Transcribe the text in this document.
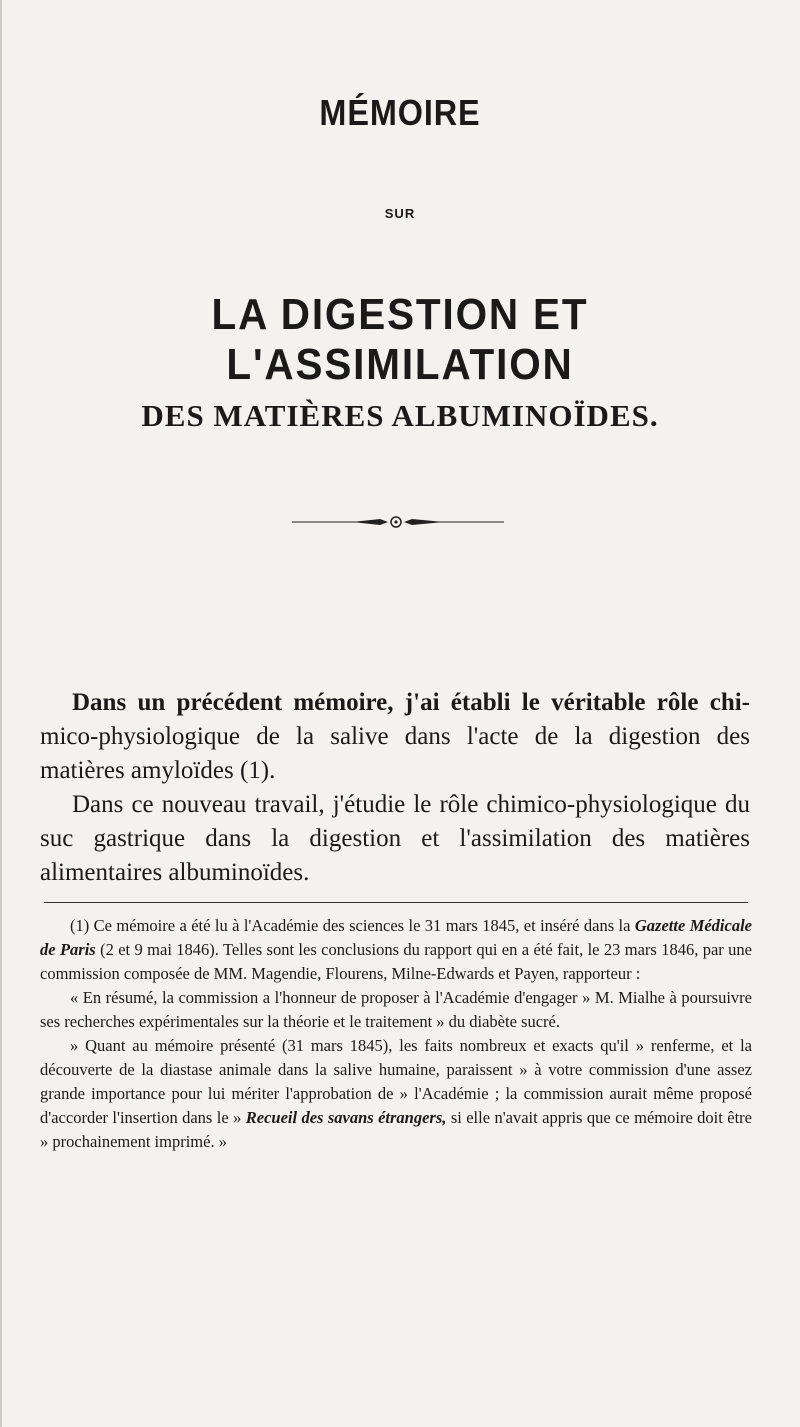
MÉMOIRE
SUR
LA DIGESTION ET L'ASSIMILATION
DES MATIÈRES ALBUMINOÏDES.

Dans un précédent mémoire, j'ai établi le véritable rôle chi- mico-physiologique de la salive dans l'acte de la digestion des matières amyloïdes (1).

Dans ce nouveau travail, j'étudie le rôle chimico-physiologique du suc gastrique dans la digestion et l'assimilation des matières alimentaires albuminoïdes.

(1) Ce mémoire a été lu à l'Académie des sciences le 31 mars 1845, et inséré dans la Gazette Médicale de Paris (2 et 9 mai 1846). Telles sont les conclusions du rapport qui en a été fait, le 23 mars 1846, par une commission composée de MM. Magendie, Flourens, Milne-Edwards et Payen, rapporteur :

« En résumé, la commission a l'honneur de proposer à l'Académie d'engager » M. Mialhe à poursuivre ses recherches expérimentales sur la théorie et le traitement » du diabète sucré.

» Quant au mémoire présenté (31 mars 1845), les faits nombreux et exacts qu'il » renferme, et la découverte de la diastase animale dans la salive humaine, paraissent » à votre commission d'une assez grande importance pour lui mériter l'approbation de » l'Académie ; la commission aurait même proposé d'accorder l'insertion dans le » Recueil des savans étrangers, si elle n'avait appris que ce mémoire doit être » prochainement imprimé. »
